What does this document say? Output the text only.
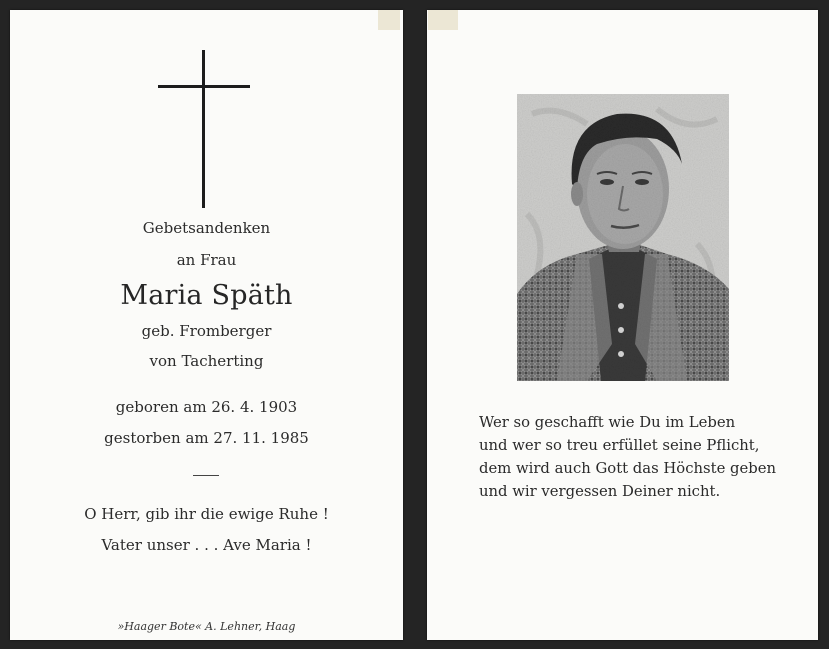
Gebetsandenken
an Frau
Maria Späth
geb. Fromberger
von Tacherting
geboren am 26. 4. 1903
gestorben am 27. 11. 1985
O Herr, gib ihr die ewige Ruhe !
Vater unser . . . Ave Maria !
»Haager Bote« A. Lehner, Haag
Wer so geschafft wie Du im Leben
und wer so treu erfüllet seine Pflicht,
dem wird auch Gott das Höchste geben
und wir vergessen Deiner nicht.
